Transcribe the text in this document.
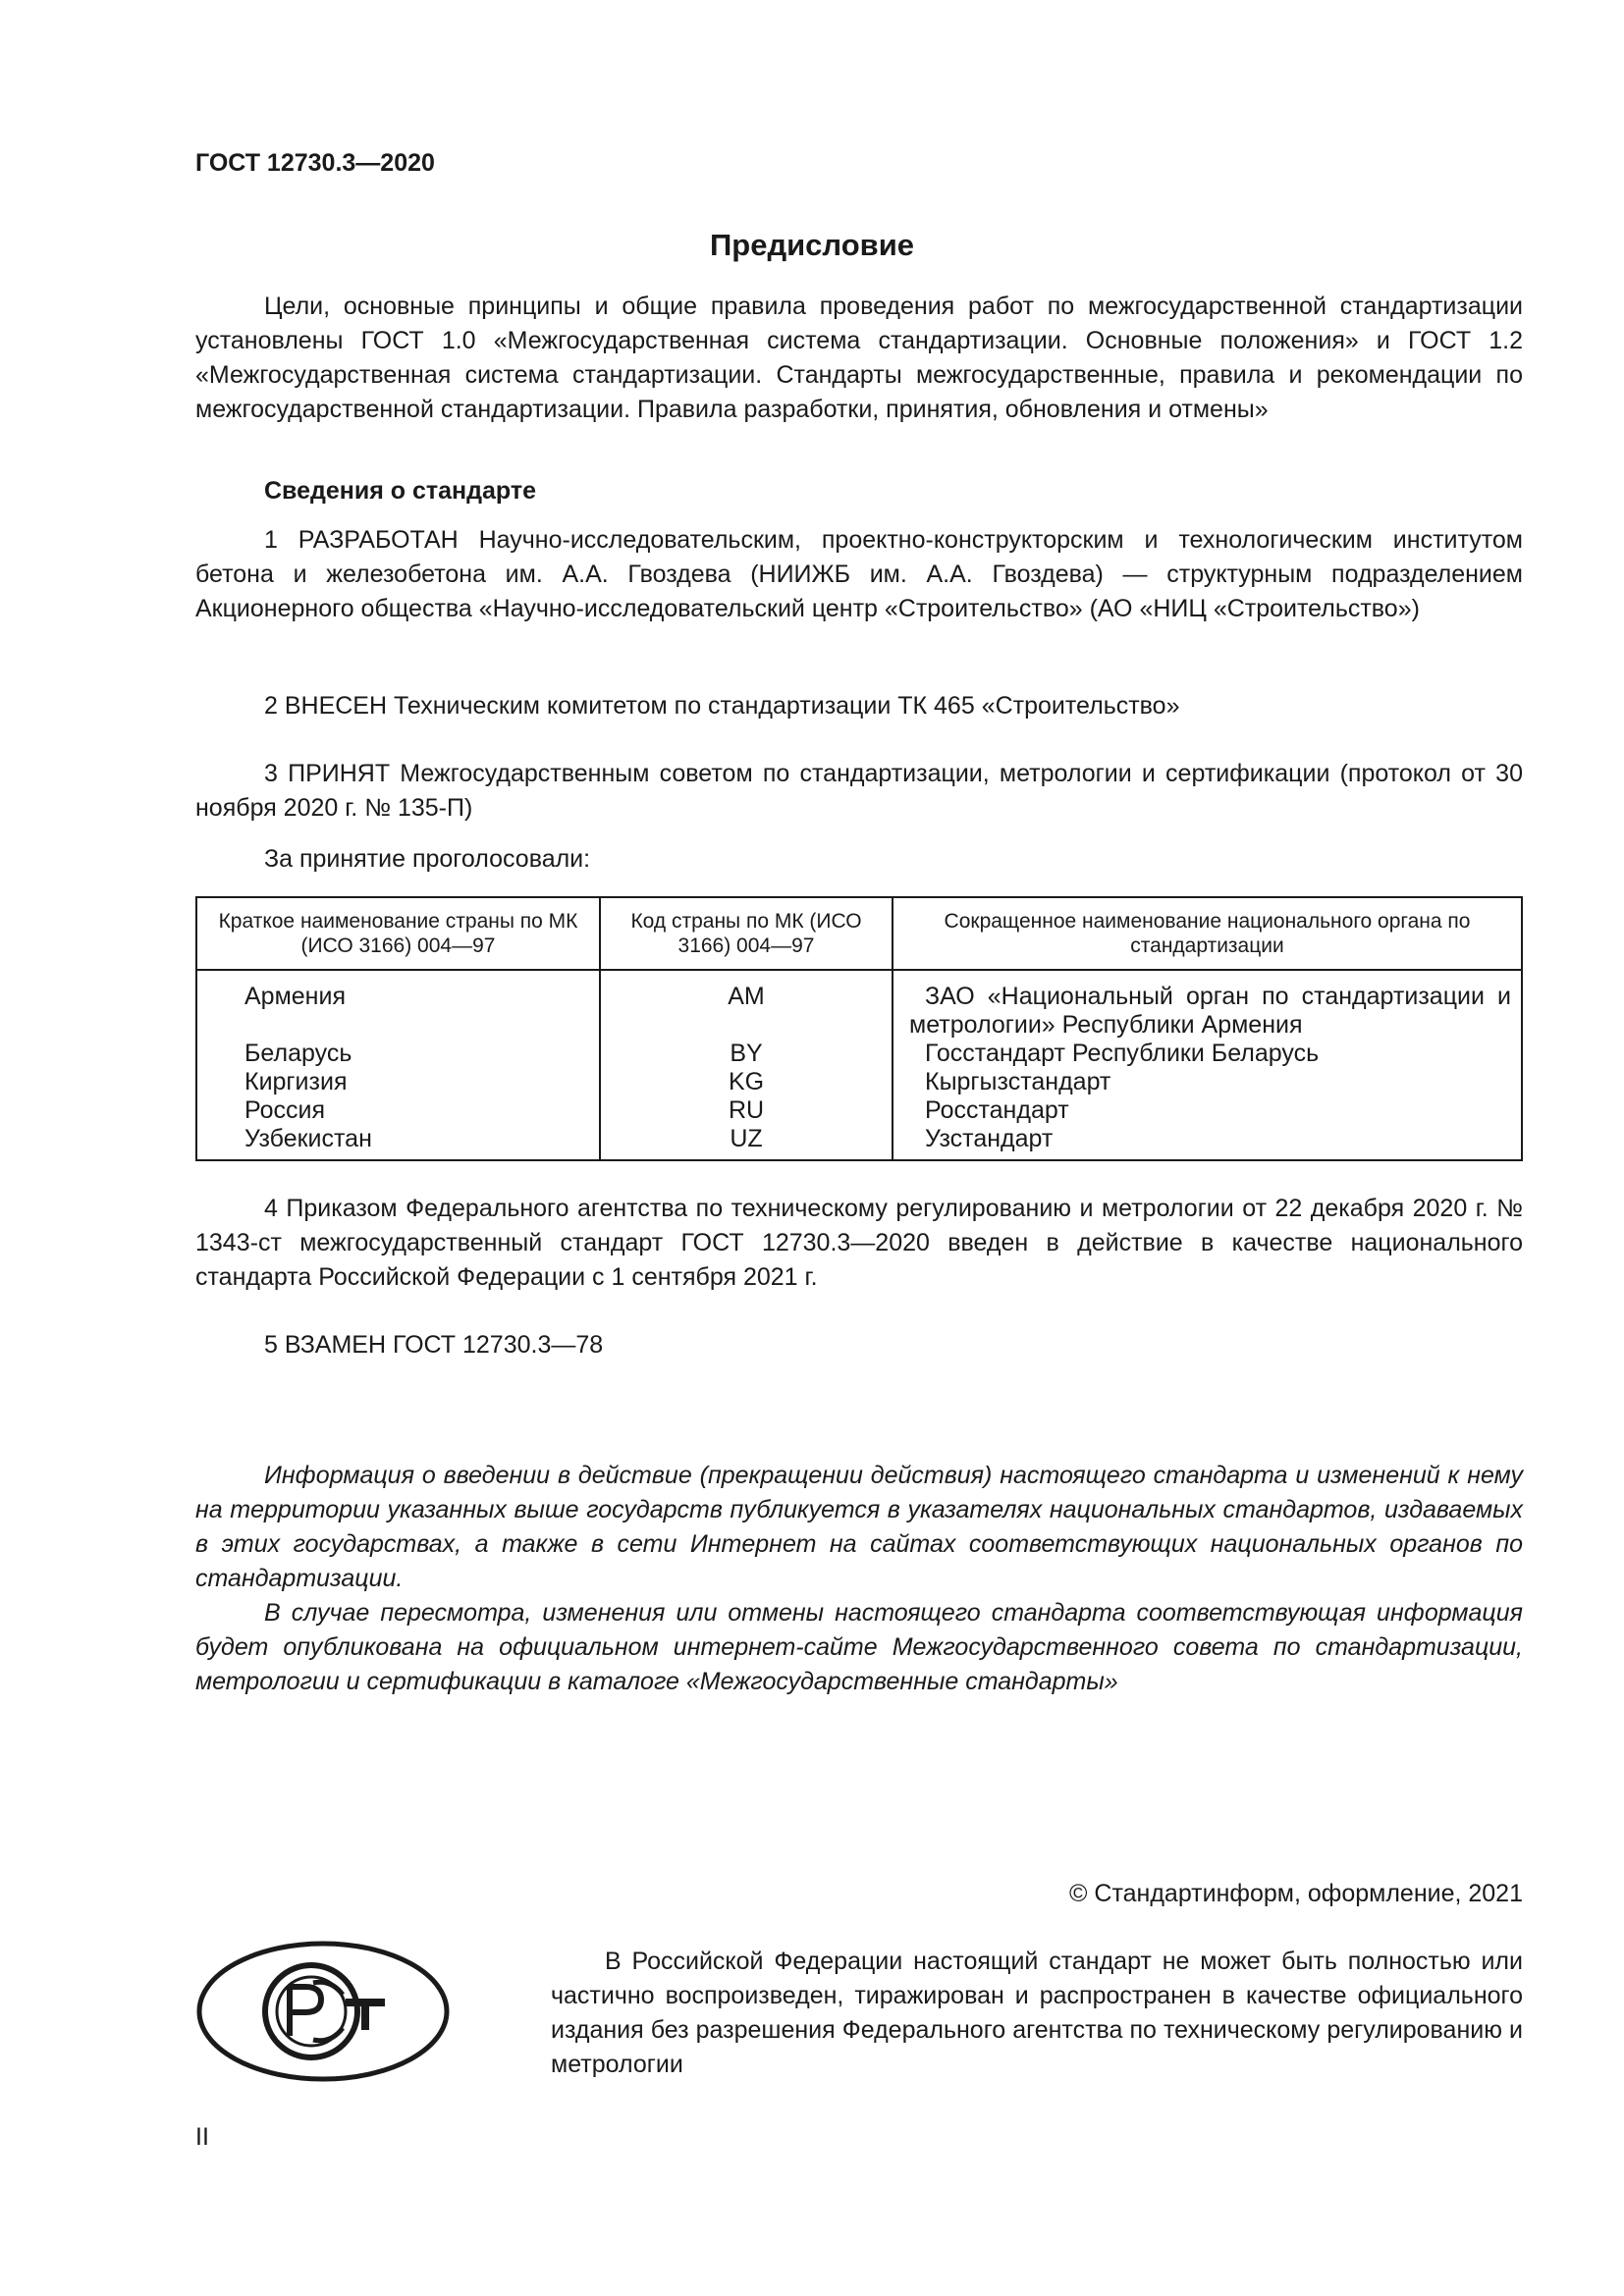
ГОСТ 12730.3—2020
Предисловие

Цели, основные принципы и общие правила проведения работ по межгосударственной стандартизации установлены ГОСТ 1.0 «Межгосударственная система стандартизации. Основные положения» и ГОСТ 1.2 «Межгосударственная система стандартизации. Стандарты межгосударственные, правила и рекомендации по межгосударственной стандартизации. Правила разработки, принятия, обновления и отмены»

Сведения о стандарте

1 РАЗРАБОТАН Научно-исследовательским, проектно-конструкторским и технологическим институтом бетона и железобетона им. А.А. Гвоздева (НИИЖБ им. А.А. Гвоздева) — структурным подразделением Акционерного общества «Научно-исследовательский центр «Строительство» (АО «НИЦ «Строительство»)

2 ВНЕСЕН Техническим комитетом по стандартизации ТК 465 «Строительство»

3 ПРИНЯТ Межгосударственным советом по стандартизации, метрологии и сертификации (протокол от 30 ноября 2020 г. № 135-П)

За принятие проголосовали:

Краткое наименование страны по МК (ИСО 3166) 004—97	Код страны по МК (ИСО 3166) 004—97	Сокращенное наименование национального органа по стандартизации
Армения	AM	ЗАО «Национальный орган по стандартизации и метрологии» Республики Армения

Беларусь	BY	Госстандарт Республики Беларусь
Киргизия	KG	Кыргызстандарт
Россия	RU	Росстандарт
Узбекистан	UZ	Узстандарт

4 Приказом Федерального агентства по техническому регулированию и метрологии от 22 декабря 2020 г. № 1343-ст межгосударственный стандарт ГОСТ 12730.3—2020 введен в действие в качестве национального стандарта Российской Федерации с 1 сентября 2021 г.

5 ВЗАМЕН ГОСТ 12730.3—78

Информация о введении в действие (прекращении действия) настоящего стандарта и изменений к нему на территории указанных выше государств публикуется в указателях национальных стандартов, издаваемых в этих государствах, а также в сети Интернет на сайтах соответствующих национальных органов по стандартизации.

В случае пересмотра, изменения или отмены настоящего стандарта соответствующая информация будет опубликована на официальном интернет-сайте Межгосударственного совета по стандартизации, метрологии и сертификации в каталоге «Межгосударственные стандарты»

© Стандартинформ, оформление, 2021

В Российской Федерации настоящий стандарт не может быть полностью или частично воспроизведен, тиражирован и распространен в качестве официального издания без разрешения Федерального агентства по техническому регулированию и метрологии

II
